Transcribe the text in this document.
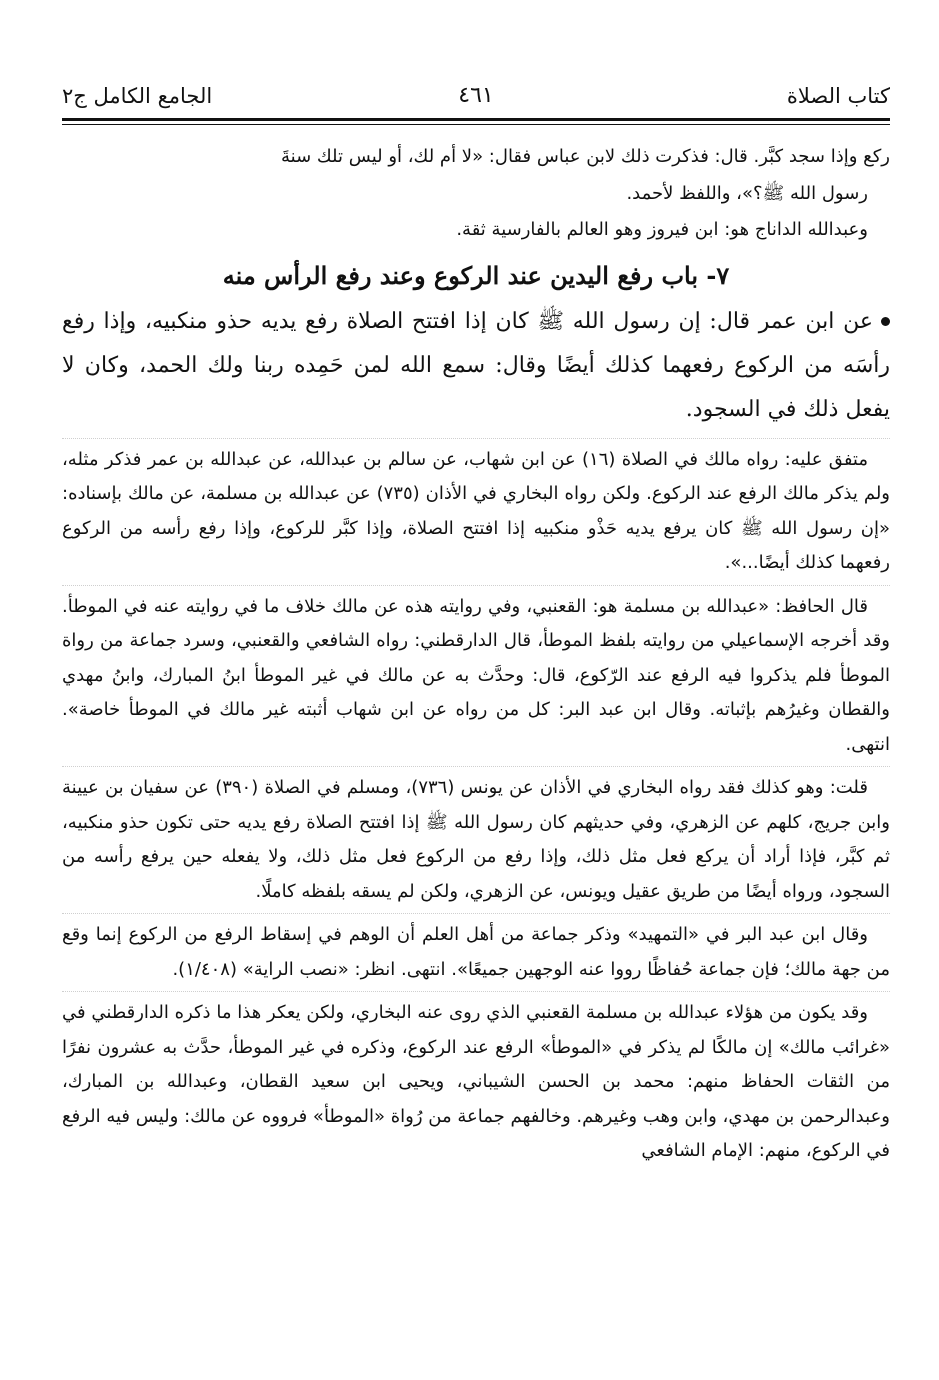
كتاب الصلاة
٤٦١
الجامع الكامل ج٢

ركع وإذا سجد كبَّر. قال: فذكرت ذلك لابن عباس فقال: «لا أم لك، أو ليس تلك سنةَ

رسول الله ﷺ؟»، واللفظ لأحمد.

وعبدالله الداناج هو: ابن فيروز وهو العالم بالفارسية ثقة.

٧- باب رفع اليدين عند الركوع وعند رفع الرأس منه

عن ابن عمر قال: إن رسول الله ﷺ كان إذا افتتح الصلاة رفع يديه حذو منكبيه، وإذا رفع رأسَه من الركوع رفعهما كذلك أيضًا وقال: سمع الله لمن حَمِده ربنا ولك الحمد، وكان لا يفعل ذلك في السجود.

متفق عليه: رواه مالك في الصلاة (١٦) عن ابن شهاب، عن سالم بن عبدالله، عن عبدالله بن عمر فذكر مثله، ولم يذكر مالك الرفع عند الركوع. ولكن رواه البخاري في الأذان (٧٣٥) عن عبدالله بن مسلمة، عن مالك بإسناده: «إن رسول الله ﷺ كان يرفع يديه حَذْو منكبيه إذا افتتح الصلاة، وإذا كبَّر للركوع، وإذا رفع رأسه من الركوع رفعهما كذلك أيضًا...».

قال الحافظ: «عبدالله بن مسلمة هو: القعنبي، وفي روايته هذه عن مالك خلاف ما في روايته عنه في الموطأ. وقد أخرجه الإسماعيلي من روايته بلفظ الموطأ، قال الدارقطني: رواه الشافعي والقعنبي، وسرد جماعة من رواة الموطأ فلم يذكروا فيه الرفع عند الرّكوع، قال: وحدَّث به عن مالك في غير الموطأ ابنُ المبارك، وابنُ مهدي والقطان وغيرُهم بإثباته. وقال ابن عبد البر: كل من رواه عن ابن شهاب أثبته غير مالك في الموطأ خاصة». انتهى.

قلت: وهو كذلك فقد رواه البخاري في الأذان عن يونس (٧٣٦)، ومسلم في الصلاة (٣٩٠) عن سفيان بن عيينة وابن جريج، كلهم عن الزهري، وفي حديثهم كان رسول الله ﷺ إذا افتتح الصلاة رفع يديه حتى تكون حذو منكبيه، ثم كبَّر، فإذا أراد أن يركع فعل مثل ذلك، وإذا رفع من الركوع فعل مثل ذلك، ولا يفعله حين يرفع رأسه من السجود، ورواه أيضًا من طريق عقيل ويونس، عن الزهري، ولكن لم يسقه بلفظه كاملًا.

وقال ابن عبد البر في «التمهيد» وذكر جماعة من أهل العلم أن الوهم في إسقاط الرفع من الركوع إنما وقع من جهة مالك؛ فإن جماعة حُفاظًا رووا عنه الوجهين جميعًا». انتهى. انظر: «نصب الراية» (١/٤٠٨).

وقد يكون من هؤلاء عبدالله بن مسلمة القعنبي الذي روى عنه البخاري، ولكن يعكر هذا ما ذكره الدارقطني في «غرائب مالك» إن مالكًا لم يذكر في «الموطأ» الرفع عند الركوع، وذكره في غير الموطأ، حدَّث به عشرون نفرًا من الثقات الحفاظ منهم: محمد بن الحسن الشيباني، ويحيى ابن سعيد القطان، وعبدالله بن المبارك، وعبدالرحمن بن مهدي، وابن وهب وغيرهم. وخالفهم جماعة من رُواة «الموطأ» فرووه عن مالك: وليس فيه الرفع في الركوع، منهم: الإمام الشافعي
